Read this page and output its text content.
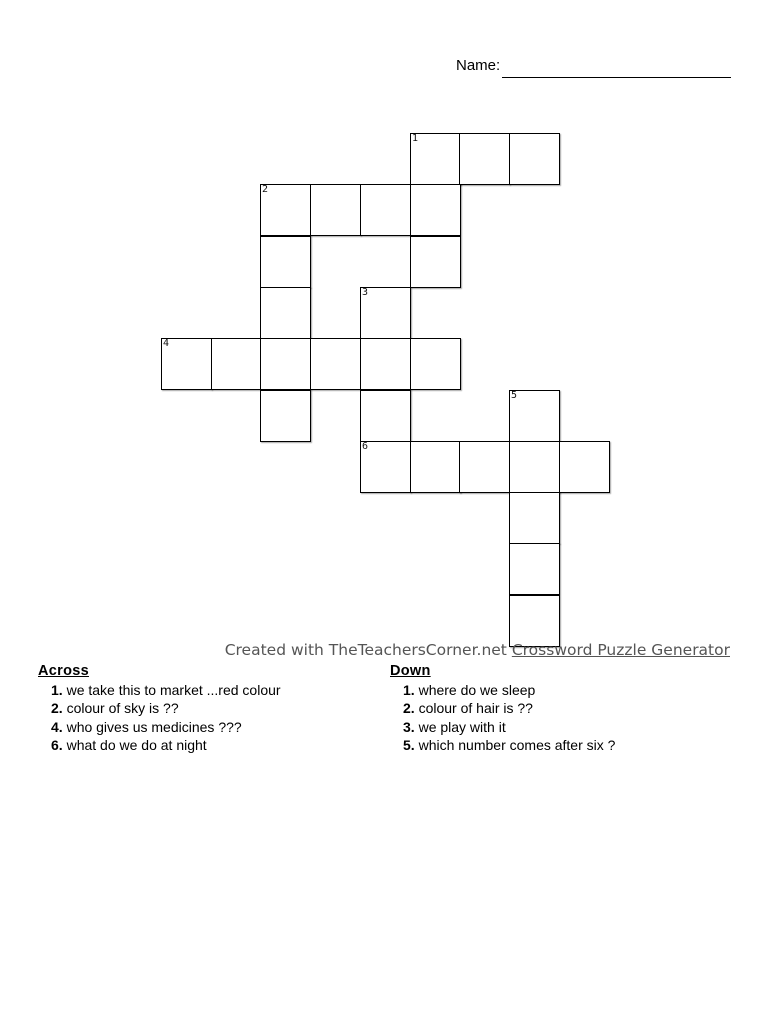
Name:
1
2
3
4
5
6
Created with TheTeachersCorner.net Crossword Puzzle Generator
Across
1. we take this to market ...red colour
2. colour of sky is ??
4. who gives us medicines ???
6. what do we do at night
Down
1. where do we sleep
2. colour of hair is ??
3. we play with it
5. which number comes after six ?
